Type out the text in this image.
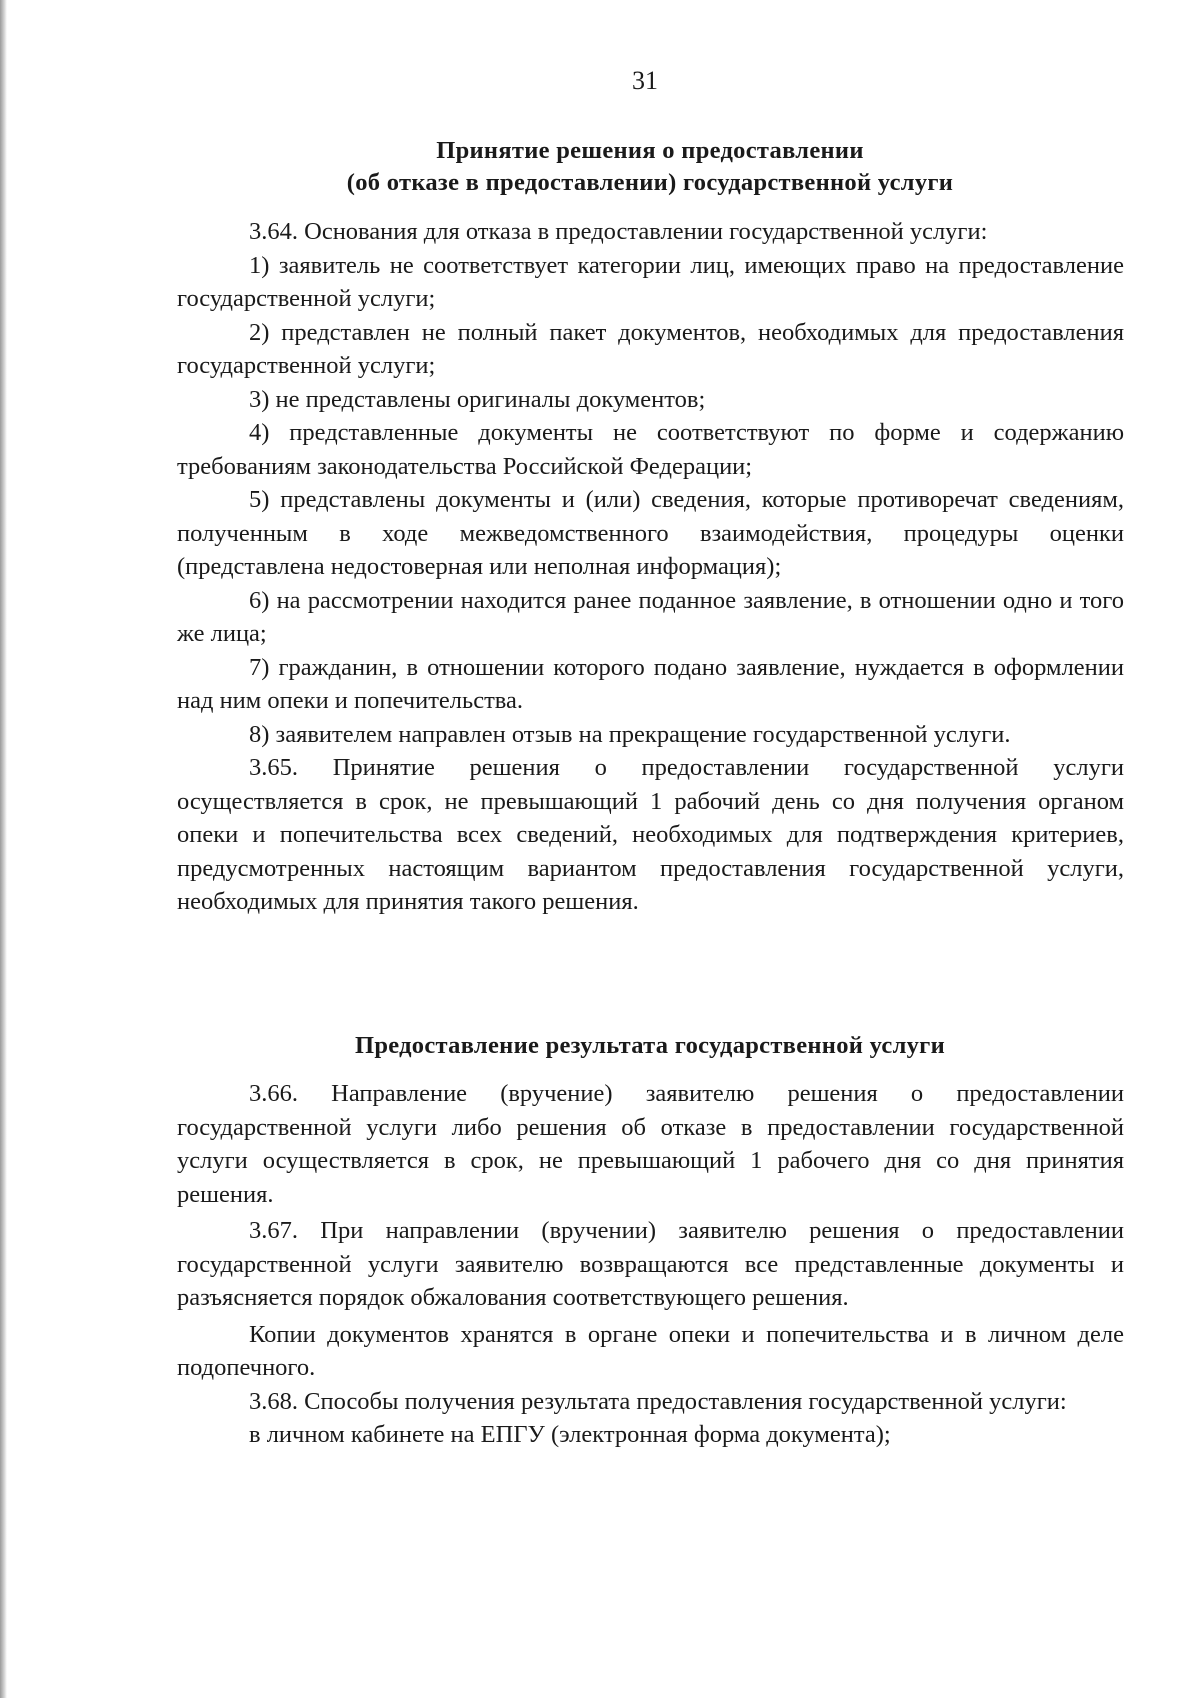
31
Принятие решения о предоставлении
(об отказе в предоставлении) государственной услуги

3.64. Основания для отказа в предоставлении государственной услуги:

1) заявитель не соответствует категории лиц, имеющих право на предоставление государственной услуги;

2) представлен не полный пакет документов, необходимых для предоставления государственной услуги;

3) не представлены оригиналы документов;

4) представленные документы не соответствуют по форме и содержанию требованиям законодательства Российской Федерации;

5) представлены документы и (или) сведения, которые противоречат сведениям, полученным в ходе межведомственного взаимодействия, процедуры оценки (представлена недостоверная или неполная информация);

6) на рассмотрении находится ранее поданное заявление, в отношении одно и того же лица;

7) гражданин, в отношении которого подано заявление, нуждается в оформлении над ним опеки и попечительства.

8) заявителем направлен отзыв на прекращение государственной услуги.

3.65. Принятие решения о предоставлении государственной услуги осуществляется в срок, не превышающий 1 рабочий день со дня получения органом опеки и попечительства всех сведений, необходимых для подтверждения критериев, предусмотренных настоящим вариантом предоставления государственной услуги, необходимых для принятия такого решения.

Предоставление результата государственной услуги

3.66. Направление (вручение) заявителю решения о предоставлении государственной услуги либо решения об отказе в предоставлении государственной услуги осуществляется в срок, не превышающий 1 рабочего дня со дня принятия решения.

3.67. При направлении (вручении) заявителю решения о предоставлении государственной услуги заявителю возвращаются все представленные документы и разъясняется порядок обжалования соответствующего решения.

Копии документов хранятся в органе опеки и попечительства и в личном деле подопечного.

3.68. Способы получения результата предоставления государственной услуги:

в личном кабинете на ЕПГУ (электронная форма документа);
